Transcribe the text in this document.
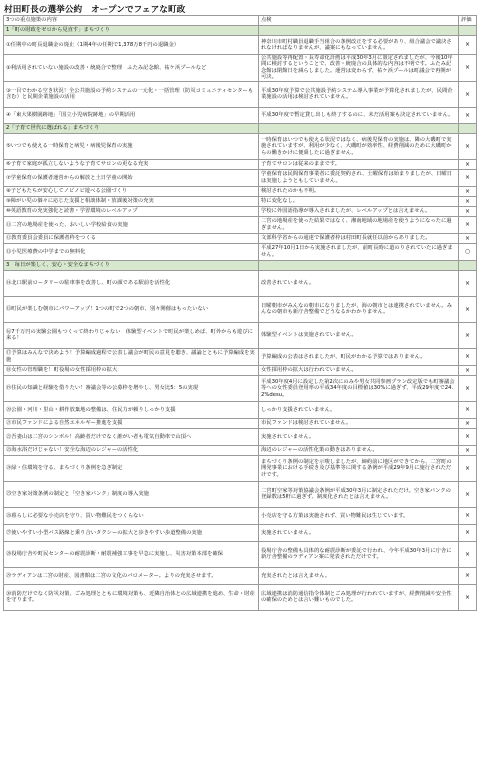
村田町長の選挙公約　オープンでフェアな町政
3つの重点施策の内容	点検	評価
1「町の財政をゼロから見直す」まちづくり		
①任期中の町長退職金の廃止（1期4年の任期で1,378万8千円の退職金）	神奈川市町村職員退職手当組合の条例改正をする必要があり、組合議会で議決されなければなりませんが、議案にもなっていません。	×
②利活用されていない施設の改善・統廃合で整理　ふたみ記念館、祐ケ浜プールなど	公共施設等再配置・長寿命化計画は平成30年3月に策定されましたが、今後10年間に検討するということで、改善・統廃合の具体的な内容は不明です。ふたみ記念館は閉館日を減らしました。運営は変わらず、祐ケ浜プールは町議会で再開が可決。	×
③一目でわかる空き状況！全公共施設の予約システムの一元化・一括管理（防災コミュニティセンターも含む）と民間企業施設の活用	平成30年度予算で公共施設予約システム導入事業が予算化されましたが、民間企業施設の活用は検討されていません。	×
④「東大果樹園跡地」「国立小児病院跡地」の早期活用	平成30年度で暫定貸し出しも終了するのに、未だ活用案も決定されていません。	×
2「子育て世代に選ばれる」まちづくり		
⑤いつでも使える一時保育と病児・病後児保育の実施	一時保育はいつでも使える状況ではなく、病後児保育の実施は、隣の大磯町で実施されていますが、利用が少なく、大磯町が効率性、経費削減のために大磯町からの働きかけに便乗したに過ぎません。	×
⑥子育て家庭が孤立しないような子育てサロンの更なる充実	子育てサロンは従来のままです。	×
⑦学童保育の保護者運営からの解放と土日学童の開始	学童保育は民間保育事業者に委託契約され、土曜保育は始まりましたが、日曜日は実施しようともしていません。	×
⑧子どもたちが安心してノビノビ遊べる公園づくり	検討されたのかも不明。	×
⑨障がい児の個々に応じた支援と相談体制・放課後対策の充実	特に変化なし。	×
⑩英語教育の充実強化と読書・学習環境のレベルアップ	学校に外国語指導が導入されましたが、レベルアップとは言えません。	×
⑪二宮の地場産を使った、おいしい学校給食の実施	二宮の地場産を使った結果ではなく、湘南地域の地場産を使うようになったに過ぎません。	×
⑫教育委員会委員に保護者枠をつくる	文部科学省からの通達で保護者枠は村田町長就任以前からありました。	×
⑬小児医療費の中学までの無料化	平成27年10月1日から実施されましたが、前町長時に道のりされていたに過ぎません。	○
3　毎日が楽しく、安心・安全なまちづくり		
⑭北口駅前ロータリーの駐車事を改善し、町の顔である駅前を活性化	改善されていません。	×
⑮町民が楽しむ朝市にパワーアップ！1つの町で2つの朝市、別々開催はもったいない	日曜朝市がみんなの朝市になりましたが、海の朝市とは連携されていません。みんなの朝市も新庁舎整備でどうなるかわかりません。	×
⑯7千万円の実験公園もつくって終わりじゃない　体験型イベントで町民が楽しめば、町外からも遊びに来る！	体験型イベントは実施されていません。	×
⑰予算はみんなで決めよう！予算編成過程で公表し議会が町民の意見を聴き、議論とともに予算編成を実施	予算編成の公表はされましたが、町民がわかる予算ではありません。	×
⑱女性の管理職を！町役場の女性採用枠の拡大	女性採用枠の拡大は行われていません。	×
⑲住民の知識と経験を借りたい！審議会等の公募枠を増やし、男女比5：5の実現	平成30年度4月に設定した第2次にのみや男女共同参画プラン改定版でも町審議会等への女性委員登用率の平成34年度の目標値は30%に過ぎず、平成29年度で24.2%desu。	×
⑳公園・河川・里山・耕作放棄地の整備は、住民力が頼りしっかり支援	しっかり支援されていません。	×
㉑市民ファンドによる自然エネルギー推進を支援	市民ファンドは検討されていません。	×
㉒吾妻山は二宮のシンボル！高齢者だけでなく誰がい者も電気自動車で山頂へ	実施されていません。	×
㉓海水浴だけじゃない！安全な海辺のレジャーの活性化	海辺のレジャーの活性化策の動きはありません。	×
㉔緑・住環境を守る、まちづくり条例を急ぎ制定	まちづくり条例の制定を示唆しましたが、締約前に地区ができてから、二宮町の開発事業における手続き及び基準等に関する条例が平成29年9月に施行されただけです。	×
㉕空き家対策条例の制定と「空き家バンク」制度の導入実施	二宮町空家等対策協議会条例が平成30年3月に制定されただけ。空き家バンクの登録数は5軒に過ぎず、制度化されたとは言えません。	×
㉖暮らしに必要な小売店を守り、買い物難民をつくらない	小売店を守る方策は実施されず、買い物難民は生じています。	×
㉗使いやすい小型バス路線と乗り合いタクシーの拡大と歩きやすい歩道整備の実施	実施されていません。	×
㉘役場庁舎や町民センターの耐震診断・耐震補強工事を早急に実施し、災害対策本部を確保	役場庁舎の整備も具体的な耐震診断が委託で行われ、今年平成30年3月に庁舎に新庁舎整備のラディアン案に発表されただけです。	×
㉙ラディアンは二宮の財産、図書館は二宮の文化のバロメーター。よりの充実させます。	充実されたとは言えません。	×
㉚消防だけでなく防災対策、ごみ処理とともに環境対策も、近隣自治体との広域連携を進め、生命・財産を守ります。	広域連携は消防通信指令体制とごみ処理が行われていますが、経費削減や安全性の確保のためとは言い難いものでした。	×
